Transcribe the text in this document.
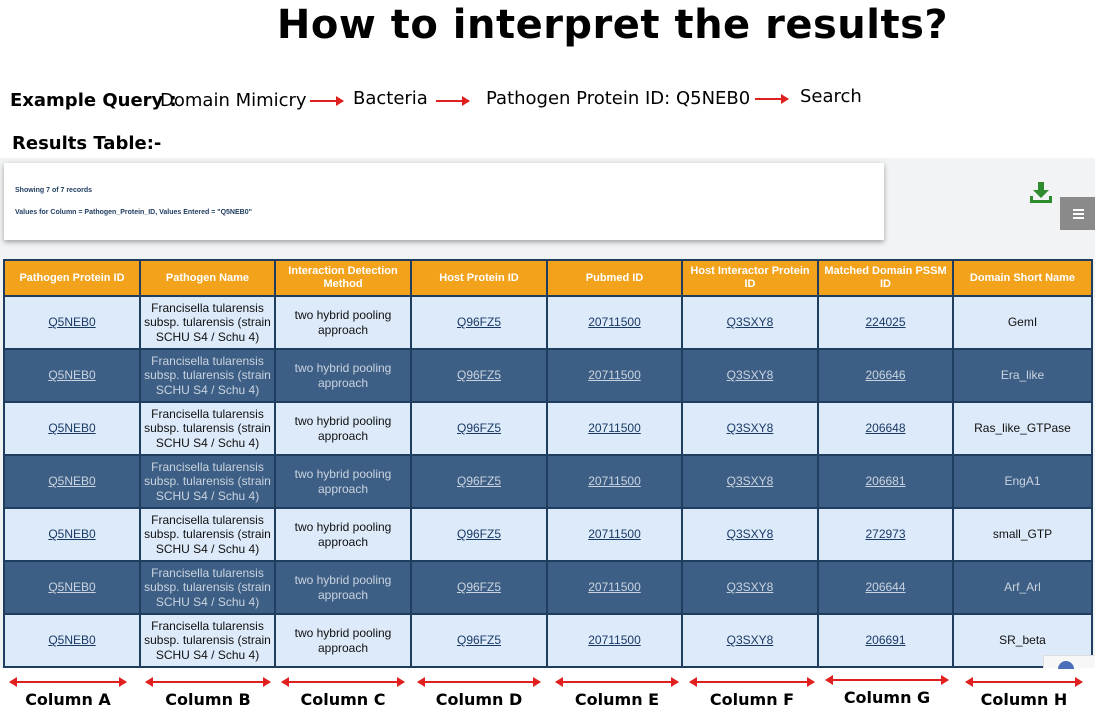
How to interpret the results?
Example Query :
Domain Mimicry	Bacteria	Pathogen Protein ID: Q5NEB0	Search
Results Table:-
Showing 7 of 7 records
Values for Column = Pathogen_Protein_ID, Values Entered = "Q5NEB0"
Pathogen Protein ID	Pathogen Name	Interaction Detection Method	Host Protein ID	Pubmed ID	Host Interactor Protein ID	Matched Domain PSSM ID	Domain Short Name
Q5NEB0	Francisella tularensis subsp. tularensis (strain SCHU S4 / Schu 4)	two hybrid pooling approach	Q96FZ5	20711500	Q3SXY8	224025	GemI
Q5NEB0	Francisella tularensis subsp. tularensis (strain SCHU S4 / Schu 4)	two hybrid pooling approach	Q96FZ5	20711500	Q3SXY8	206646	Era_like
Q5NEB0	Francisella tularensis subsp. tularensis (strain SCHU S4 / Schu 4)	two hybrid pooling approach	Q96FZ5	20711500	Q3SXY8	206648	Ras_like_GTPase
Q5NEB0	Francisella tularensis subsp. tularensis (strain SCHU S4 / Schu 4)	two hybrid pooling approach	Q96FZ5	20711500	Q3SXY8	206681	EngA1
Q5NEB0	Francisella tularensis subsp. tularensis (strain SCHU S4 / Schu 4)	two hybrid pooling approach	Q96FZ5	20711500	Q3SXY8	272973	small_GTP
Q5NEB0	Francisella tularensis subsp. tularensis (strain SCHU S4 / Schu 4)	two hybrid pooling approach	Q96FZ5	20711500	Q3SXY8	206644	Arf_Arl
Q5NEB0	Francisella tularensis subsp. tularensis (strain SCHU S4 / Schu 4)	two hybrid pooling approach	Q96FZ5	20711500	Q3SXY8	206691	SR_beta
Column A	Column B	Column C	Column D	Column E	Column F	Column G	Column H
